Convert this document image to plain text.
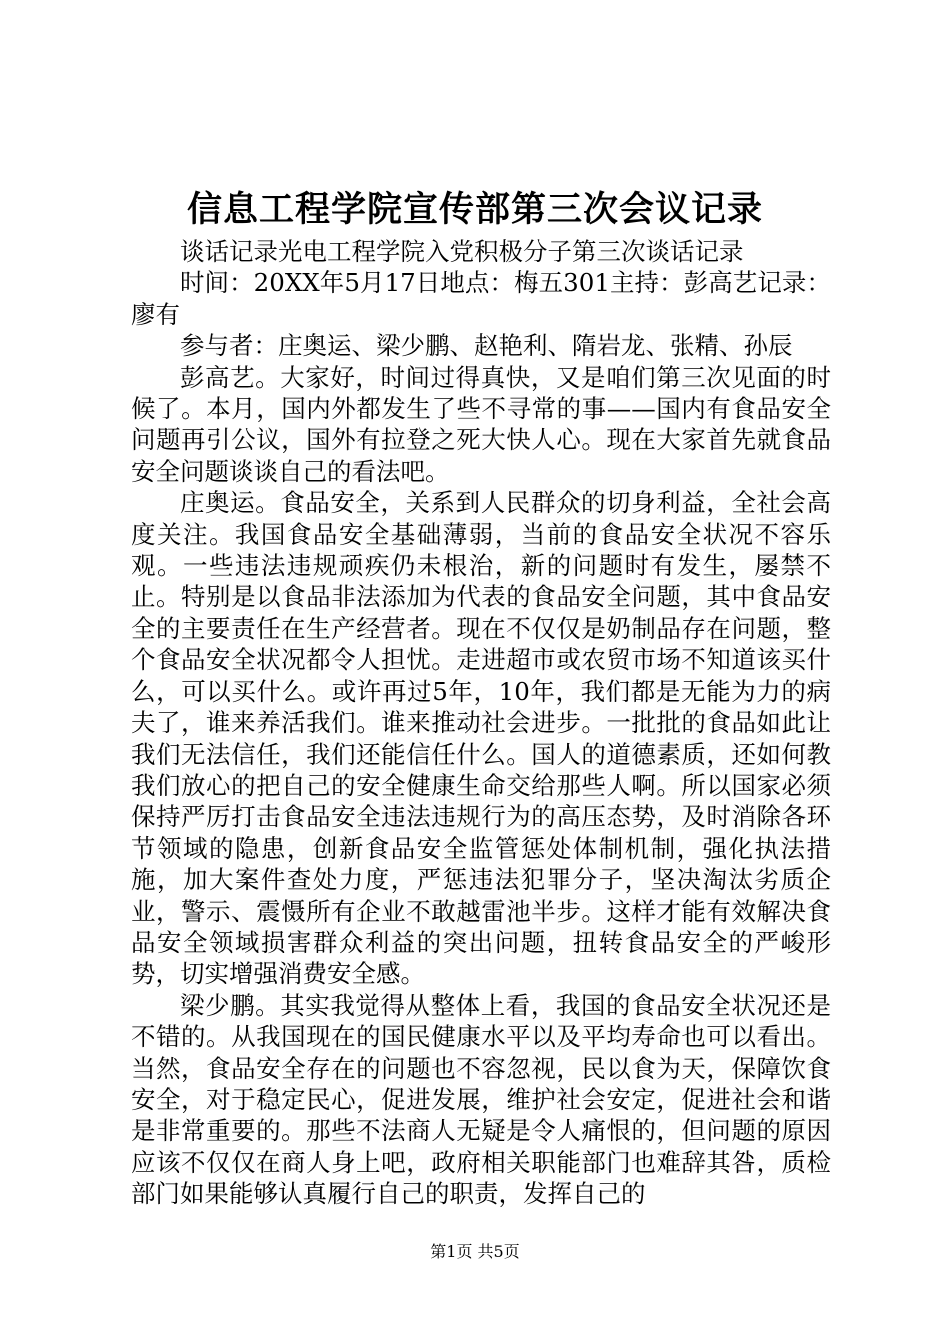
信息工程学院宣传部第三次会议记录

谈话记录光电工程学院入党积极分子第三次谈话记录

时间：20XX年5月17日地点：梅五301主持：彭高艺记录：廖有

参与者：庄奥运、梁少鹏、赵艳利、隋岩龙、张精、孙辰

彭高艺。大家好，时间过得真快，又是咱们第三次见面的时候了。本月，国内外都发生了些不寻常的事——国内有食品安全问题再引公议，国外有拉登之死大快人心。现在大家首先就食品安全问题谈谈自己的看法吧。

庄奥运。食品安全，关系到人民群众的切身利益，全社会高度关注。我国食品安全基础薄弱，当前的食品安全状况不容乐观。一些违法违规顽疾仍未根治，新的问题时有发生，屡禁不止。特别是以食品非法添加为代表的食品安全问题，其中食品安全的主要责任在生产经营者。现在不仅仅是奶制品存在问题，整个食品安全状况都令人担忧。走进超市或农贸市场不知道该买什么，可以买什么。或许再过5年，10年，我们都是无能为力的病夫了，谁来养活我们。谁来推动社会进步。一批批的食品如此让我们无法信任，我们还能信任什么。国人的道德素质，还如何教我们放心的把自己的安全健康生命交给那些人啊。所以国家必须保持严厉打击食品安全违法违规行为的高压态势，及时消除各环节领域的隐患，创新食品安全监管惩处体制机制，强化执法措施，加大案件查处力度，严惩违法犯罪分子，坚决淘汰劣质企业，警示、震慑所有企业不敢越雷池半步。这样才能有效解决食品安全领域损害群众利益的突出问题，扭转食品安全的严峻形势，切实增强消费安全感。

梁少鹏。其实我觉得从整体上看，我国的食品安全状况还是不错的。从我国现在的国民健康水平以及平均寿命也可以看出。当然，食品安全存在的问题也不容忽视，民以食为天，保障饮食安全，对于稳定民心，促进发展，维护社会安定，促进社会和谐是非常重要的。那些不法商人无疑是令人痛恨的，但问题的原因应该不仅仅在商人身上吧，政府相关职能部门也难辞其咎，质检部门如果能够认真履行自己的职责，发挥自己的

第1页 共5页
